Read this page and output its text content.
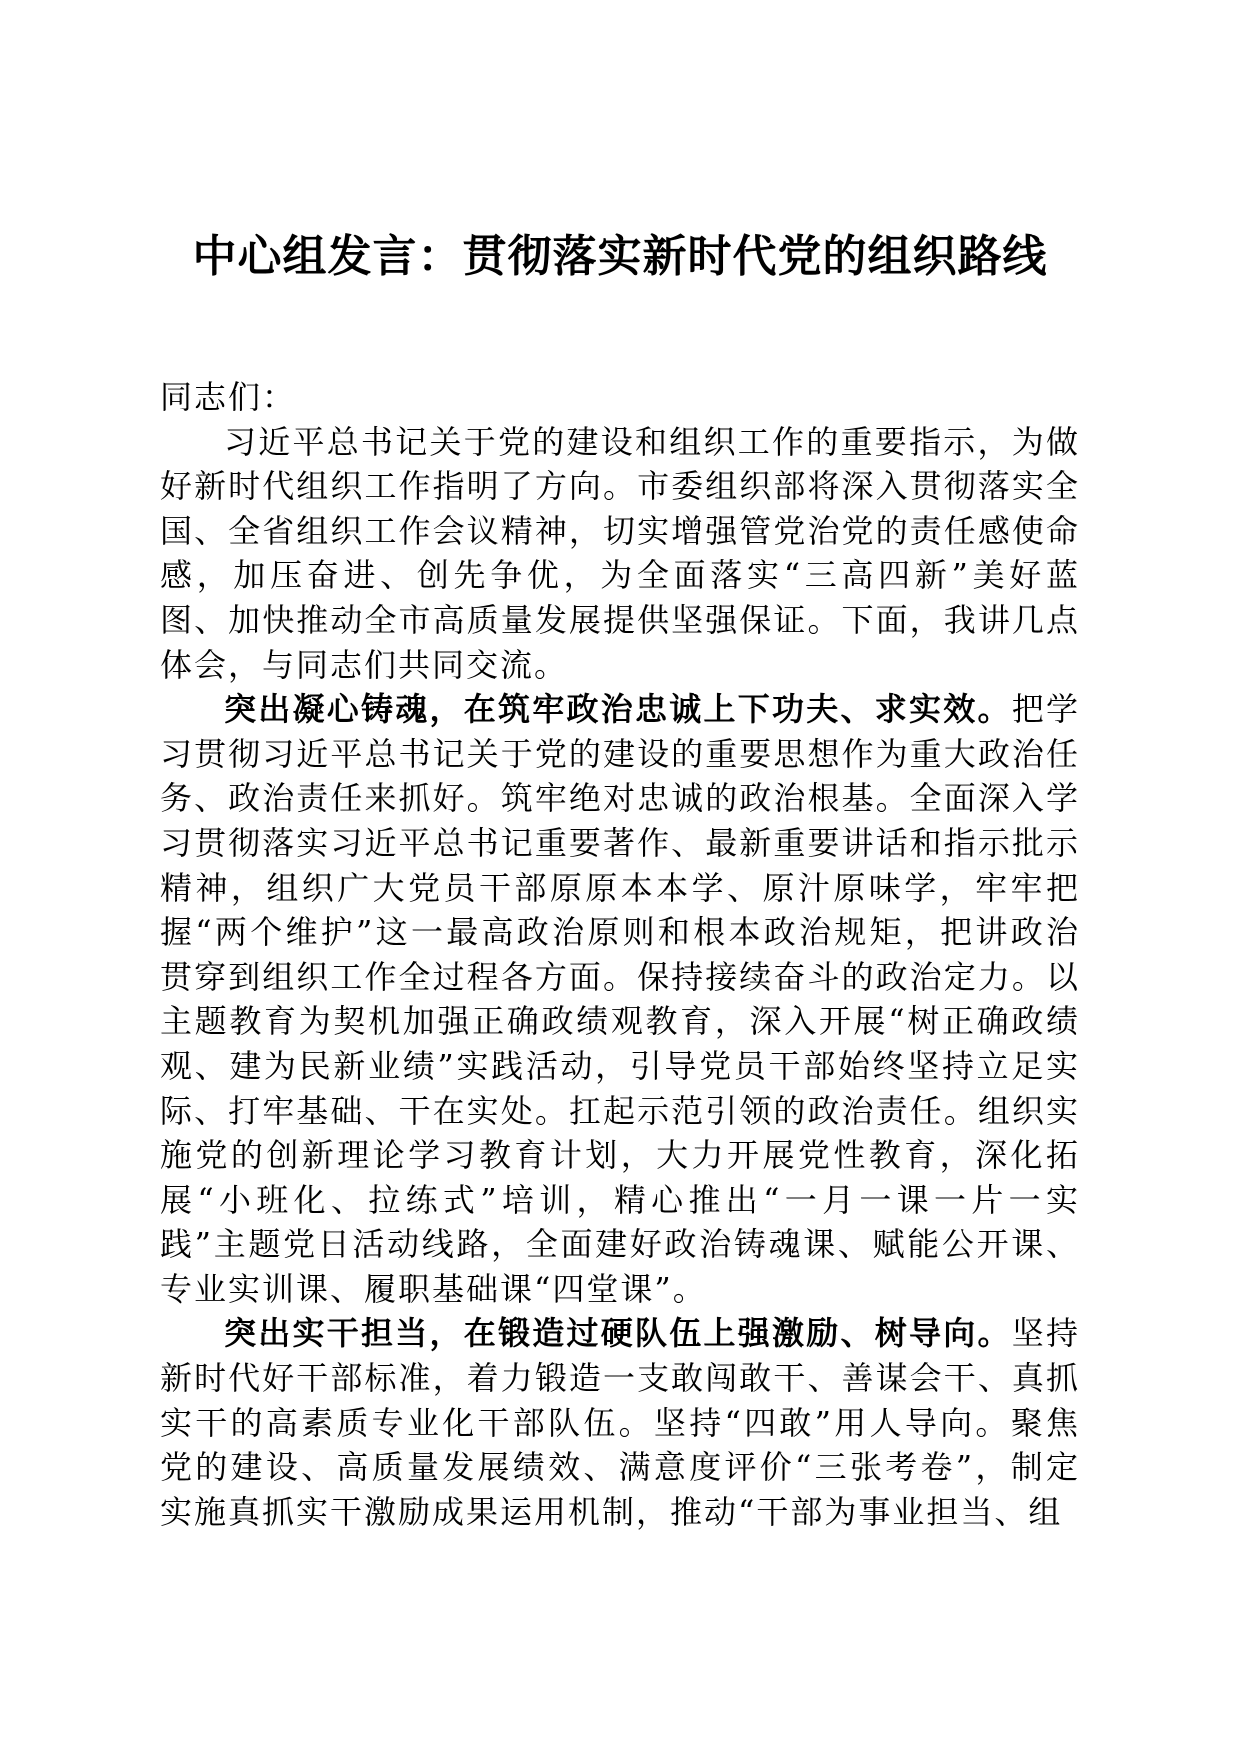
中心组发言：贯彻落实新时代党的组织路线

同志们：

习近平总书记关于党的建设和组织工作的重要指示，为做好新时代组织工作指明了方向。市委组织部将深入贯彻落实全国、全省组织工作会议精神，切实增强管党治党的责任感使命感，加压奋进、创先争优，为全面落实“三高四新”美好蓝图、加快推动全市高质量发展提供坚强保证。下面，我讲几点体会，与同志们共同交流。

突出凝心铸魂，在筑牢政治忠诚上下功夫、求实效。把学习贯彻习近平总书记关于党的建设的重要思想作为重大政治任务、政治责任来抓好。筑牢绝对忠诚的政治根基。全面深入学习贯彻落实习近平总书记重要著作、最新重要讲话和指示批示精神，组织广大党员干部原原本本学、原汁原味学，牢牢把握“两个维护”这一最高政治原则和根本政治规矩，把讲政治贯穿到组织工作全过程各方面。保持接续奋斗的政治定力。以主题教育为契机加强正确政绩观教育，深入开展“树正确政绩观、建为民新业绩”实践活动，引导党员干部始终坚持立足实际、打牢基础、干在实处。扛起示范引领的政治责任。组织实施党的创新理论学习教育计划，大力开展党性教育，深化拓展“小班化、拉练式”培训，精心推出“一月一课一片一实践”主题党日活动线路，全面建好政治铸魂课、赋能公开课、专业实训课、履职基础课“四堂课”。

突出实干担当，在锻造过硬队伍上强激励、树导向。坚持新时代好干部标准，着力锻造一支敢闯敢干、善谋会干、真抓实干的高素质专业化干部队伍。坚持“四敢”用人导向。聚焦党的建设、高质量发展绩效、满意度评价“三张考卷”，制定实施真抓实干激励成果运用机制，推动“干部为事业担当、组
